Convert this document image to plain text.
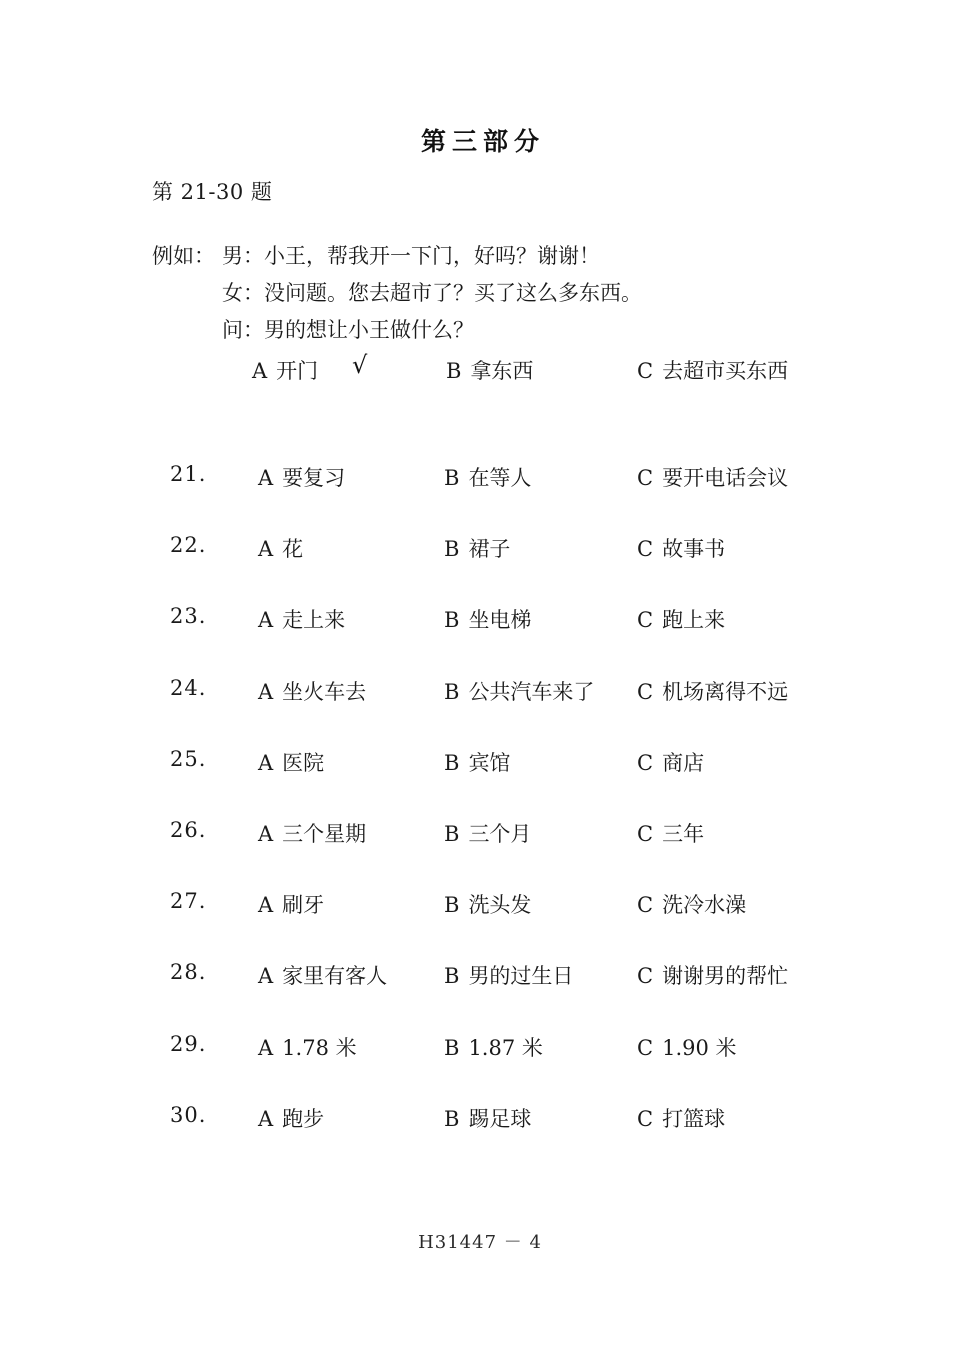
第三部分
第 21-30 题
例如： 男： 小王，帮我开一下门，好吗？谢谢！
女： 没问题。您去超市了？买了这么多东西。
问： 男的想让小王做什么？
A 开门	B 拿东西	C 去超市买东西
√
21. A 要复习	B 在等人	C 要开电话会议
22. A 花	B 裙子	C 故事书
23. A 走上来	B 坐电梯	C 跑上来
24. A 坐火车去	B 公共汽车来了 C 机场离得不远
25. A 医院	B 宾馆	C 商店
26. A 三个星期	B 三个月	C 三年
27. A 刷牙	B 洗头发	C 洗冷水澡
28. A 家里有客人	B 男的过生日	C 谢谢男的帮忙
29. A 1.78 米	B 1.87 米	C 1.90 米
30. A 跑步	B 踢足球	C 打篮球
H31447 － 4
